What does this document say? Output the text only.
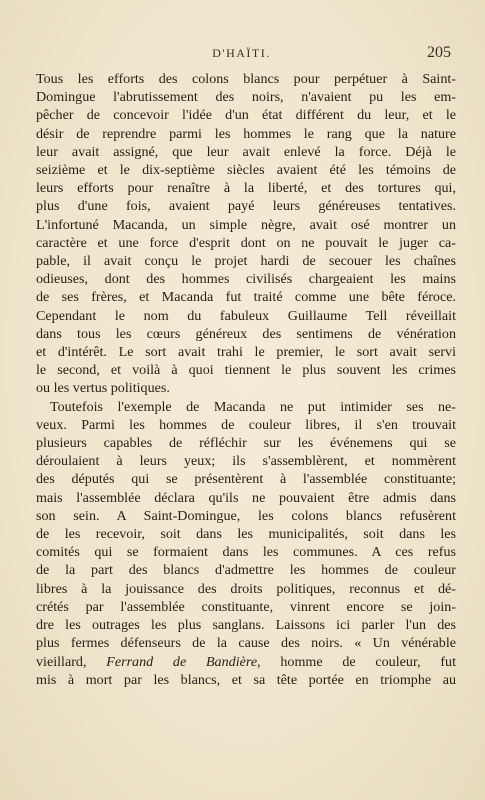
D'HAÏTI.	205

Tous les efforts des colons blancs pour perpétuer à Saint-
Domingue l'abrutissement des noirs, n'avaient pu les em-
pêcher de concevoir l'idée d'un état différent du leur, et le
désir de reprendre parmi les hommes le rang que la nature
leur avait assigné, que leur avait enlevé la force. Déjà le
seizième et le dix-septième siècles avaient été les témoins de
leurs efforts pour renaître à la liberté, et des tortures qui,
plus d'une fois, avaient payé leurs généreuses tentatives.
L'infortuné Macanda, un simple nègre, avait osé montrer un
caractère et une force d'esprit dont on ne pouvait le juger ca-
pable, il avait conçu le projet hardi de secouer les chaînes
odieuses, dont des hommes civilisés chargeaient les mains
de ses frères, et Macanda fut traité comme une bête féroce.
Cependant le nom du fabuleux Guillaume Tell réveillait
dans tous les cœurs généreux des sentimens de vénération
et d'intérêt. Le sort avait trahi le premier, le sort avait servi
le second, et voilà à quoi tiennent le plus souvent les crimes
ou les vertus politiques.

Toutefois l'exemple de Macanda ne put intimider ses ne-
veux. Parmi les hommes de couleur libres, il s'en trouvait
plusieurs capables de réfléchir sur les événemens qui se
déroulaient à leurs yeux; ils s'assemblèrent, et nommèrent
des députés qui se présentèrent à l'assemblée constituante;
mais l'assemblée déclara qu'ils ne pouvaient être admis dans
son sein. A Saint-Domingue, les colons blancs refusèrent
de les recevoir, soit dans les municipalités, soit dans les
comités qui se formaient dans les communes. A ces refus
de la part des blancs d'admettre les hommes de couleur
libres à la jouissance des droits politiques, reconnus et dé-
crétés par l'assemblée constituante, vinrent encore se join-
dre les outrages les plus sanglans. Laissons ici parler l'un des
plus fermes défenseurs de la cause des noirs. « Un vénérable
vieillard, Ferrand de Bandière, homme de couleur, fut
mis à mort par les blancs, et sa tête portée en triomphe au
